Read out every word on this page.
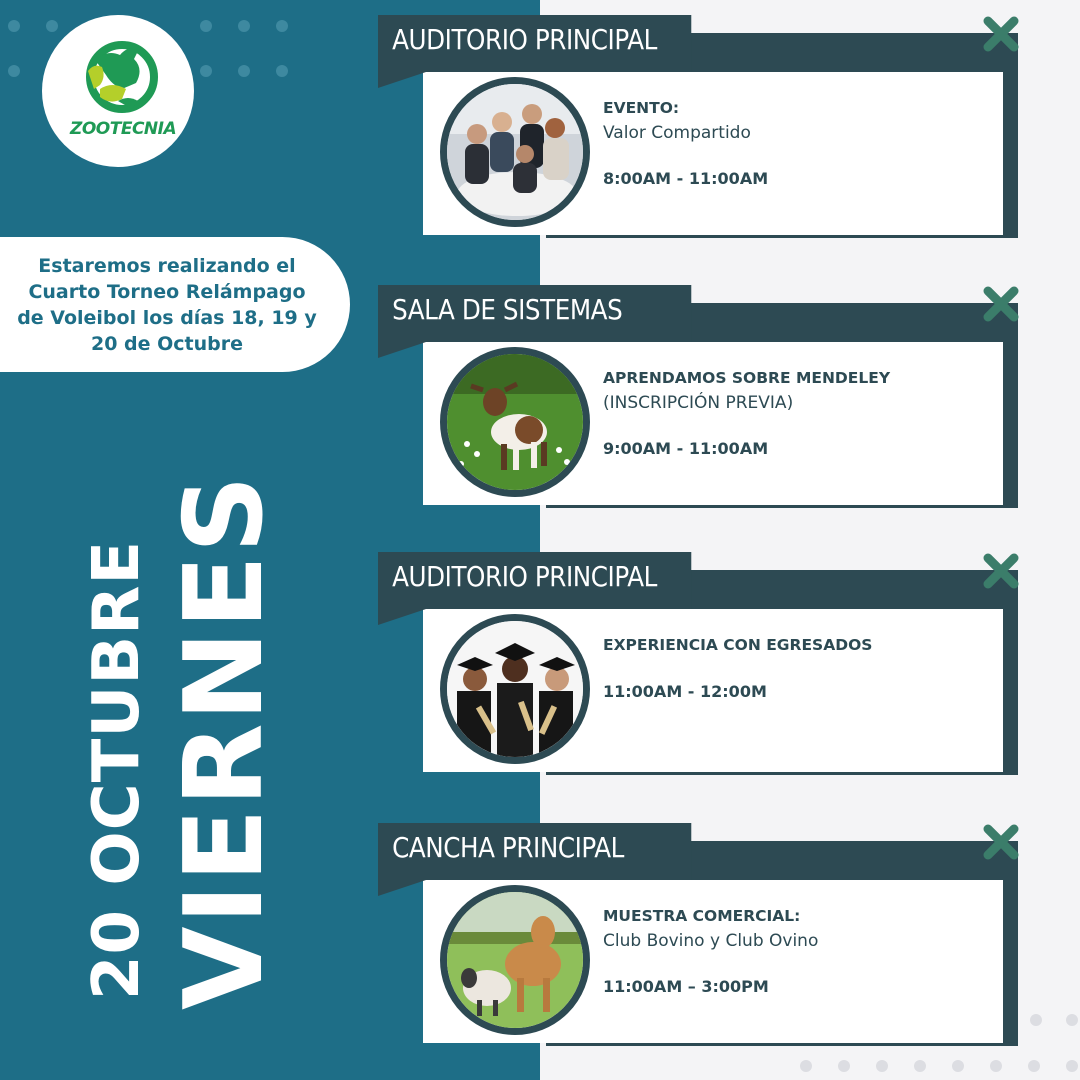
ZOOTECNIA

Estaremos realizando el Cuarto Torneo Relámpago de Voleibol los días 18, 19 y 20 de Octubre

20 OCTUBRE VIERNES
AUDITORIO PRINCIPAL
EVENTO:
Valor Compartido
8:00AM - 11:00AM
SALA DE SISTEMAS
APRENDAMOS SOBRE MENDELEY
(INSCRIPCIÓN PREVIA)
9:00AM - 11:00AM
AUDITORIO PRINCIPAL
EXPERIENCIA CON EGRESADOS
11:00AM - 12:00M
CANCHA PRINCIPAL
MUESTRA COMERCIAL:
Club Bovino y Club Ovino
11:00AM – 3:00PM
